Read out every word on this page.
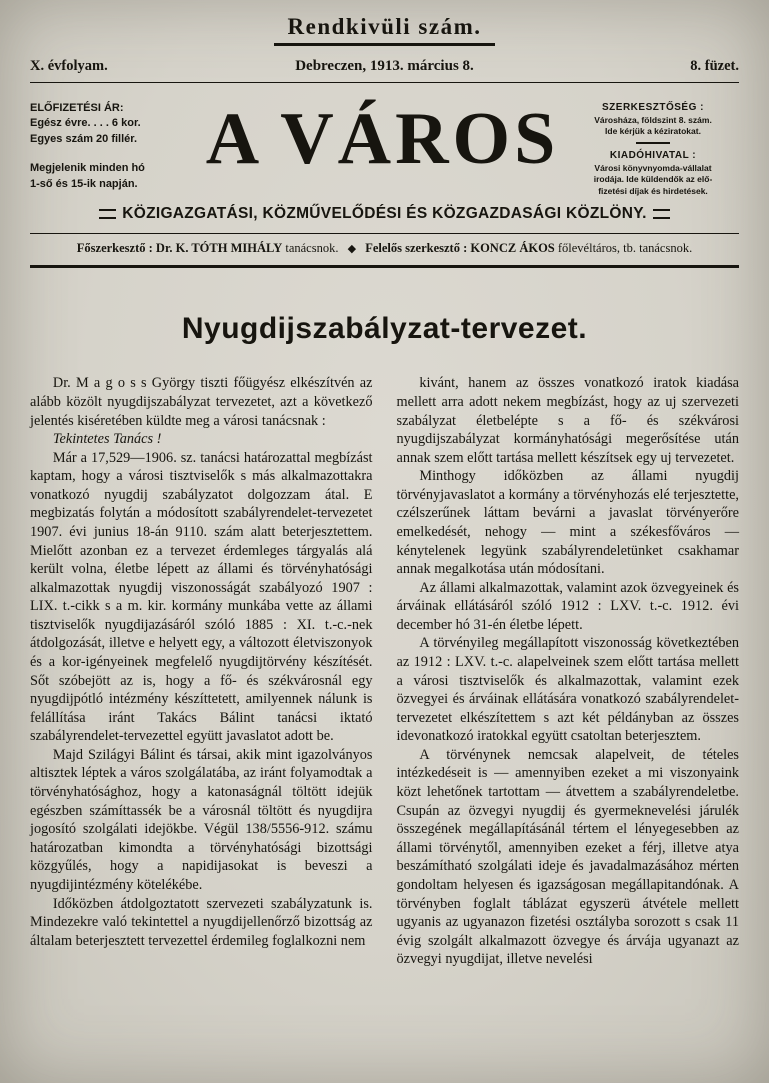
Rendkivüli szám.
X. évfolyam.	Debreczen, 1913. március 8.	8. füzet.
ELŐFIZETÉSI ÁR:
Egész évre. . . . 6 kor.
Egyes szám 20 fillér.
Megjelenik minden hó
1-ső és 15-ik napján.
A VÁROS	SZERKESZTŐSÉG :
Városháza, földszint 8. szám.
Ide kérjük a kéziratokat.
KIADÓHIVATAL :
Városi könyvnyomda-vállalat
irodája. Ide küldendők az elő-
fizetési díjak és hirdetések.
KÖZIGAZGATÁSI, KÖZMŰVELŐDÉSI ÉS KÖZGAZDASÁGI KÖZLÖNY.
Főszerkesztő : Dr. K. TÓTH MIHÁLY tanácsnok. ◆ Felelős szerkesztő : KONCZ ÁKOS főlevéltáros, tb. tanácsnok.
Nyugdijszabályzat-tervezet.

Dr. M a g o s s György tiszti főügyész elkészítvén az alább közölt nyugdijszabályzat tervezetet, azt a következő jelentés kiséretében küldte meg a városi tanácsnak :

Tekintetes Tanács !

Már a 17,529—1906. sz. tanácsi határozattal megbízást kaptam, hogy a városi tisztviselők s más alkalmazottakra vonatkozó nyugdij szabályzatot dolgozzam átal. E megbizatás folytán a módosított szabályrendelet-tervezetet 1907. évi junius 18-án 9110. szám alatt beterjesztettem. Mielőtt azonban ez a tervezet érdemleges tárgyalás alá került volna, életbe lépett az állami és törvényhatósági alkalmazottak nyugdij viszonosságát szabályozó 1907 : LIX. t.-cikk s a m. kir. kormány munkába vette az állami tisztviselők nyugdijazásáról szóló 1885 : XI. t.-c.-nek átdolgozását, illetve e helyett egy, a változott életviszonyok és a kor-igényeinek megfelelő nyugdijtörvény készítését. Sőt szóbejött az is, hogy a fő- és székvárosnál egy nyugdijpótló intézmény készíttetett, amilyennek nálunk is felállítása iránt Takács Bálint tanácsi iktató szabályrendelet-tervezettel együtt javaslatot adott be.

Majd Szilágyi Bálint és társai, akik mint igazolványos altisztek léptek a város szolgálatába, az iránt folyamodtak a törvényhatósághoz, hogy a katonaságnál töltött idejük egészben számíttassék be a városnál töltött és nyugdijra jogosító szolgálati idejökbe. Végül 138/5556-912. számu határozatban kimondta a törvényhatósági bizottsági közgyűlés, hogy a napidijasokat is beveszi a nyugdijintézmény kötelékébe.

Időközben átdolgoztatott szervezeti szabályzatunk is. Mindezekre való tekintettel a nyugdijellenőrző bizottság az általam beterjesztett tervezettel érdemileg foglalkozni nem

kivánt, hanem az összes vonatkozó iratok kiadása mellett arra adott nekem megbízást, hogy az uj szervezeti szabályzat életbelépte s a fő- és székvárosi nyugdijszabályzat kormányhatósági megerősítése után annak szem előtt tartása mellett készítsek egy uj tervezetet.

Minthogy időközben az állami nyugdij törvényjavaslatot a kormány a törvényhozás elé terjesztette, czélszerűnek láttam bevárni a javaslat törvényerőre emelkedését, nehogy — mint a székesfőváros — kénytelenek legyünk szabályrendeletünket csakhamar annak megalkotása után módosítani.

Az állami alkalmazottak, valamint azok özvegyeinek és árváinak ellátásáról szóló 1912 : LXV. t.-c. 1912. évi december hó 31-én életbe lépett.

A törvényileg megállapított viszonosság következtében az 1912 : LXV. t.-c. alapelveinek szem előtt tartása mellett a városi tisztviselők és alkalmazottak, valamint ezek özvegyei és árváinak ellátására vonatkozó szabályrendelet-tervezetet elkészítettem s azt két példányban az összes idevonatkozó iratokkal együtt csatoltan beterjesztem.

A törvénynek nemcsak alapelveit, de tételes intézkedéseit is — amennyiben ezeket a mi viszonyaink közt lehetőnek tartottam — átvettem a szabályrendeletbe. Csupán az özvegyi nyugdij és gyermeknevelési járulék összegének megállapításánál tértem el lényegesebben az állami törvénytől, amennyiben ezeket a férj, illetve atya beszámítható szolgálati ideje és javadalmazásához mérten gondoltam helyesen és igazságosan megállapitandónak. A törvényben foglalt táblázat egyszerü átvétele mellett ugyanis az ugyanazon fizetési osztályba sorozott s csak 11 évig szolgált alkalmazott özvegye és árvája ugyanazt az özvegyi nyugdijat, illetve nevelési
